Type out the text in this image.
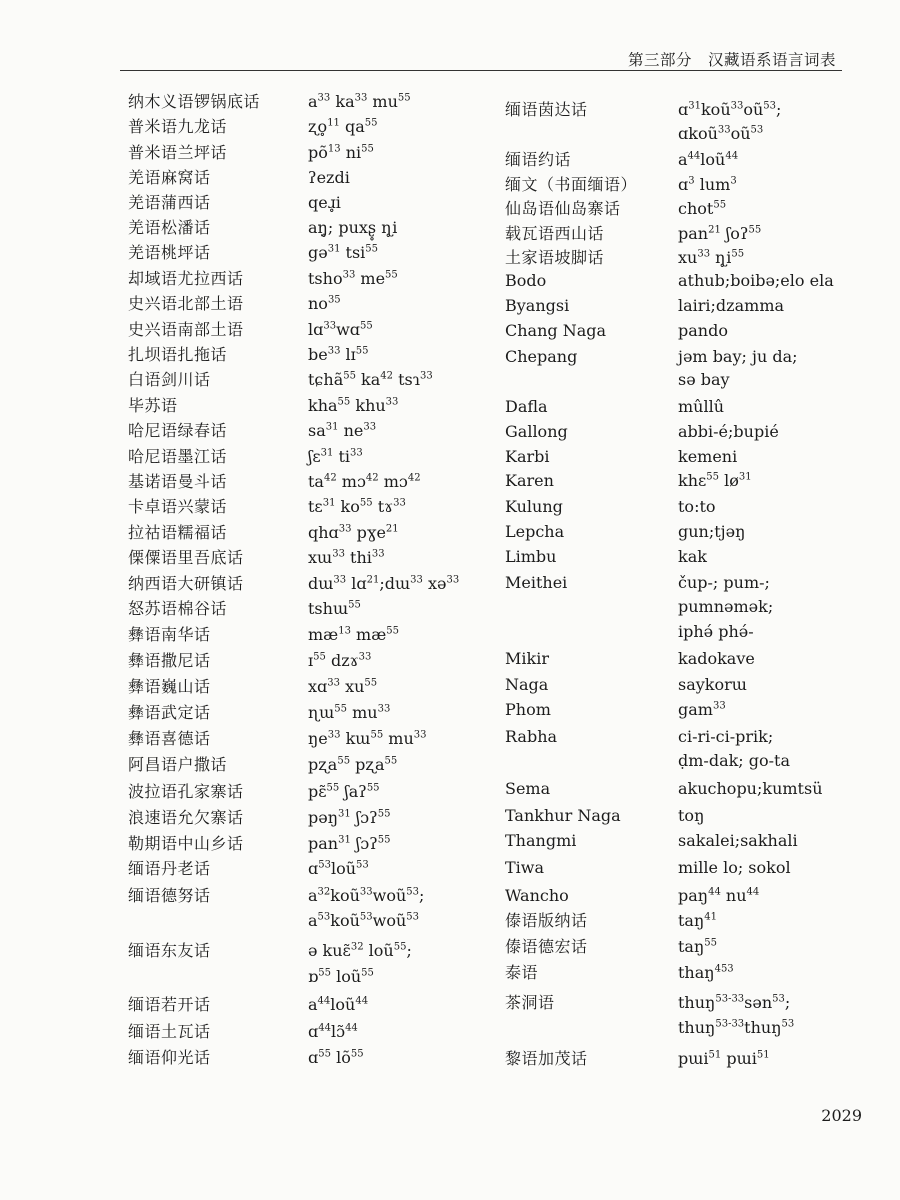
第三部分　汉藏语系语言词表
纳木义语锣锅底话	$a^{33}$ $ka^{33}$ $mu^{55}$
普米语九龙话	ʐo̥$^{11}$ $qa^{55}$
普米语兰坪话	$põ^{13}$ $ni^{55}$
羌语麻窝话	ʔezdi
羌语蒲西话	qeɹ̥i
羌语松潘话	aŋ̥; puxʂ̥ ɳ̥i
羌语桃坪话	gə$^{31}$ tsi$^{55}$
却域语尤拉西话	tsho$^{33}$ $me^{55}$
史兴语北部土语	$no^{35}$
史兴语南部土语	lɑ$^{33}$wɑ$^{55}$
扎坝语扎拖话	$be^{33}$ lɪ$^{55}$
白语剑川话	tɕhã$^{55}$ $ka^{42}$ tsɿ$^{33}$
毕苏语	kha$^{55}$ khu$^{33}$
哈尼语绿春话	$sa^{31}$ $ne^{33}$
哈尼语墨江话	ʃɛ$^{31}$ $ti^{33}$
基诺语曼斗话	$ta^{42}$ mɔ$^{42}$ mɔ$^{42}$
卡卓语兴蒙话	tɛ$^{31}$ $ko^{55}$ tɤ$^{33}$
拉祜语糯福话	qhɑ$^{33}$ pɣe$^{21}$
傈僳语里吾底话	xɯ$^{33}$ thi$^{33}$
纳西语大研镇话	dɯ$^{33}$ lɑ$^{21}$;dɯ$^{33}$ xə$^{33}$
怒苏语棉谷话	tshɯ$^{55}$
彝语南华话	$mæ^{13}$ $mæ^{55}$
彝语撒尼话	ɪ$^{55}$ dzɤ$^{33}$
彝语巍山话	xɑ$^{33}$ $xu^{55}$
彝语武定话	ɳɯ$^{55}$ $mu^{33}$
彝语喜德话	$ŋe^{33}$ kɯ$^{55}$ $mu^{33}$
阿昌语户撒话	pʐa$^{55}$ pʐa$^{55}$
波拉语孔家寨话	pɛ̃$^{55}$ ʃaʔ$^{55}$
浪速语允欠寨话	pəŋ$^{31}$ ʃɔʔ$^{55}$
勒期语中山乡话	pan$^{31}$ ʃɔʔ$^{55}$
缅语丹老话	ɑ$^{53}$loũ$^{53}$
缅语德努话	$a^{32}koũ^{33}woũ^{53}$;
$a^{53}koũ^{53}woũ^{53}$
缅语东友话	ə kuɛ̃$^{32}$ loũ$^{55}$;
ɒ$^{55}$ loũ$^{55}$
缅语若开话	$a^{44}loũ^{44}$
缅语土瓦话	ɑ$^{44}$lɔ̃$^{44}$
缅语仰光话	ɑ$^{55}$ $lõ^{55}$
缅语茵达话	$ɑ^{31}koũ^{33}oũ^{53}$;
$ɑkoũ^{33}oũ^{53}$
缅语约话	$a^{44}loũ^{44}$
缅文（书面缅语）	ɑ$^3$ lum$^3$
仙岛语仙岛寨话	chot$^{55}$
载瓦语西山话	pan$^{21}$ ʃoʔ$^{55}$
土家语坡脚话	$xu^{33}$ $ɳ̥i^{55}$
Bodo	athub;boibə;elo ela
Byangsi	lairi;dzamma
Chang Naga	pando
Chepang	jəm bay; ju da;
sə bay
Dafla	mûllû
Gallong	abbi-é;bupié
Karbi	kemeni
Karen	khɛ$^{55}$ $lø^{31}$
Kulung	to:to
Lepcha	gun;tjəŋ
Limbu	kak
Meithei	čup-; pum-;
pumnəmək;
iphə́ phə́-
Mikir	kadokave
Naga	saykorɯ
Phom	gam$^{33}$
Rabha	ci-ri-ci-prik;
ḍm-dak; go-ta
Sema	akuchopu;kumtsü
Tankhur Naga	toŋ
Thangmi	sakalei;sakhali
Tiwa	mille lo; sokol
Wancho	paŋ$^{44}$ $nu^{44}$
傣语版纳话	taŋ$^{41}$
傣语德宏话	taŋ$^{55}$
泰语	thaŋ$^{453}$
茶洞语	thuŋ$^{53-33}$sən$^{53}$;
thuŋ$^{53-33}$thuŋ$^{53}$
黎语加茂话	pɯi$^{51}$ pɯi$^{51}$
2029
